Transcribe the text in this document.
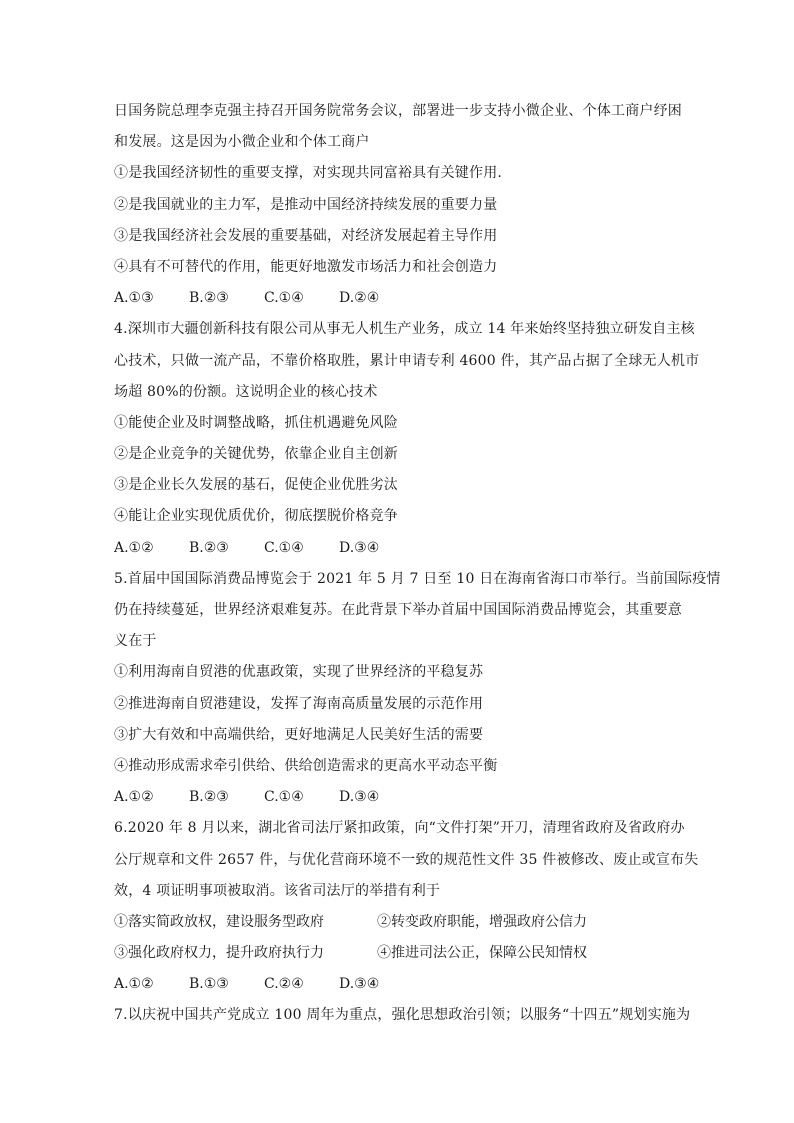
日国务院总理李克强主持召开国务院常务会议，部署进一步支持小微企业、个体工商户纾困
和发展。这是因为小微企业和个体工商户
①是我国经济韧性的重要支撑，对实现共同富裕具有关键作用.
②是我国就业的主力军，是推动中国经济持续发展的重要力量
③是我国经济社会发展的重要基础，对经济发展起着主导作用
④具有不可替代的作用，能更好地激发市场活力和社会创造力
A.①③	B.②③	C.①④	D.②④
4.深圳市大疆创新科技有限公司从事无人机生产业务，成立 14 年来始终坚持独立研发自主核
心技术，只做一流产品，不靠价格取胜，累计申请专利 4600 件，其产品占据了全球无人机市
场超 80%的份额。这说明企业的核心技术
①能使企业及时调整战略，抓住机遇避免风险
②是企业竞争的关键优势，依靠企业自主创新
③是企业长久发展的基石，促使企业优胜劣汰
④能让企业实现优质优价，彻底摆脱价格竞争
A.①②	B.②③	C.①④	D.③④
5.首届中国国际消费品博览会于 2021 年 5 月 7 日至 10 日在海南省海口市举行。当前国际疫情
仍在持续蔓延，世界经济艰难复苏。在此背景下举办首届中国国际消费品博览会，其重要意
义在于
①利用海南自贸港的优惠政策，实现了世界经济的平稳复苏
②推进海南自贸港建设，发挥了海南高质量发展的示范作用
③扩大有效和中高端供给，更好地满足人民美好生活的需要
④推动形成需求牵引供给、供给创造需求的更高水平动态平衡
A.①②	B.②③	C.①④	D.③④
6.2020 年 8 月以来，湖北省司法厅紧扣政策，向“文件打架”开刀，清理省政府及省政府办
公厅规章和文件 2657 件，与优化营商环境不一致的规范性文件 35 件被修改、废止或宣布失
效，4 项证明事项被取消。该省司法厅的举措有利于
①落实简政放权，建设服务型政府	②转变政府职能，增强政府公信力
③强化政府权力，提升政府执行力	④推进司法公正，保障公民知情权
A.①②	B.①③	C.②④	D.③④
7.以庆祝中国共产党成立 100 周年为重点，强化思想政治引领；以服务“十四五”规划实施为
